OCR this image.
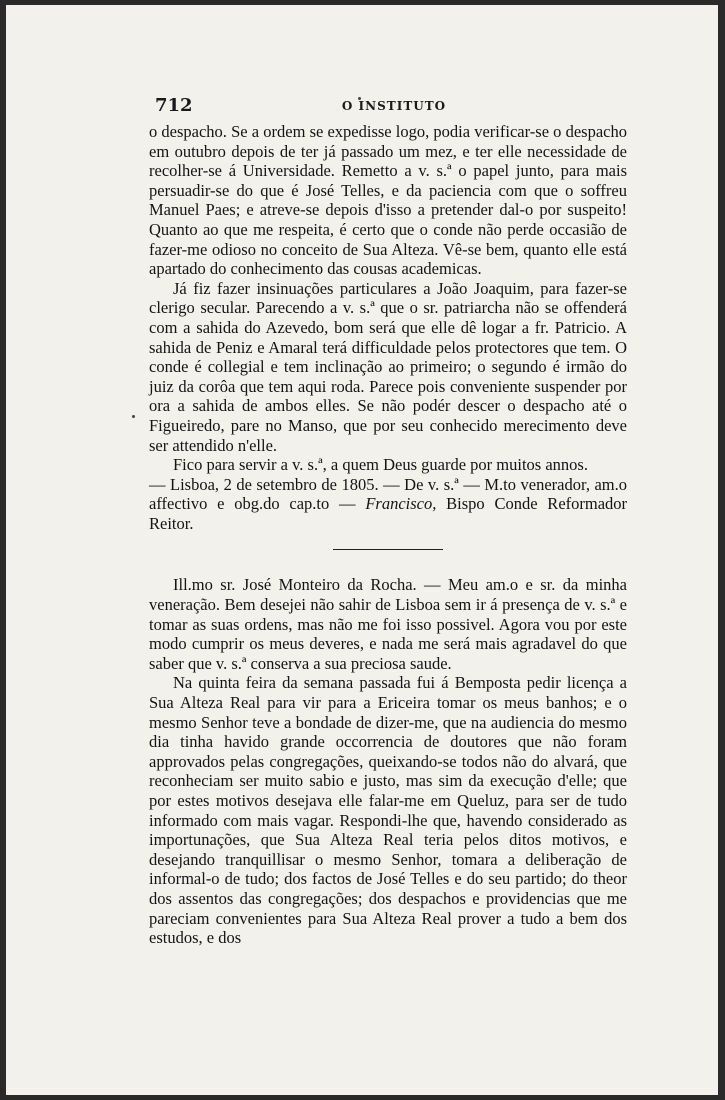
712	O INSTITUTO

o despacho. Se a ordem se expedisse logo, podia verificar-se o despacho em outubro depois de ter já passado um mez, e ter elle necessidade de recolher-se á Universidade. Remetto a v. s.ª o papel junto, para mais persuadir-se do que é José Telles, e da paciencia com que o soffreu Manuel Paes; e atreve-se depois d'isso a pretender dal-o por suspeito! Quanto ao que me respeita, é certo que o conde não perde occasião de fazer-me odioso no conceito de Sua Alteza. Vê-se bem, quanto elle está apartado do conhecimento das cousas academicas.

Já fiz fazer insinuações particulares a João Joaquim, para fazer-se clerigo secular. Parecendo a v. s.ª que o sr. patriarcha não se offenderá com a sahida do Azevedo, bom será que elle dê logar a fr. Patricio. A sahida de Peniz e Amaral terá difficuldade pelos protectores que tem. O conde é collegial e tem inclinação ao primeiro; o segundo é irmão do juiz da corôa que tem aqui roda. Parece pois conveniente suspender por ora a sahida de ambos elles. Se não podér descer o despacho até o Figueiredo, pare no Manso, que por seu conhecido merecimento deve ser attendido n'elle.

Fico para servir a v. s.ª, a quem Deus guarde por muitos annos.

— Lisboa, 2 de setembro de 1805. — De v. s.ª — M.to venerador, am.o affectivo e obg.do cap.to — Francisco, Bispo Conde Reformador Reitor.

Ill.mo sr. José Monteiro da Rocha. — Meu am.o e sr. da minha veneração. Bem desejei não sahir de Lisboa sem ir á presença de v. s.ª e tomar as suas ordens, mas não me foi isso possivel. Agora vou por este modo cumprir os meus deveres, e nada me será mais agradavel do que saber que v. s.ª conserva a sua preciosa saude.

Na quinta feira da semana passada fui á Bemposta pedir licença a Sua Alteza Real para vir para a Ericeira tomar os meus banhos; e o mesmo Senhor teve a bondade de dizer-me, que na audiencia do mesmo dia tinha havido grande occorrencia de doutores que não foram approvados pelas congregações, queixando-se todos não do alvará, que reconheciam ser muito sabio e justo, mas sim da execução d'elle; que por estes motivos desejava elle falar-me em Queluz, para ser de tudo informado com mais vagar. Respondi-lhe que, havendo considerado as importunações, que Sua Alteza Real teria pelos ditos motivos, e desejando tranquillisar o mesmo Senhor, tomara a deliberação de informal-o de tudo; dos factos de José Telles e do seu partido; do theor dos assentos das congregações; dos despachos e providencias que me pareciam convenientes para Sua Alteza Real prover a tudo a bem dos estudos, e dos
